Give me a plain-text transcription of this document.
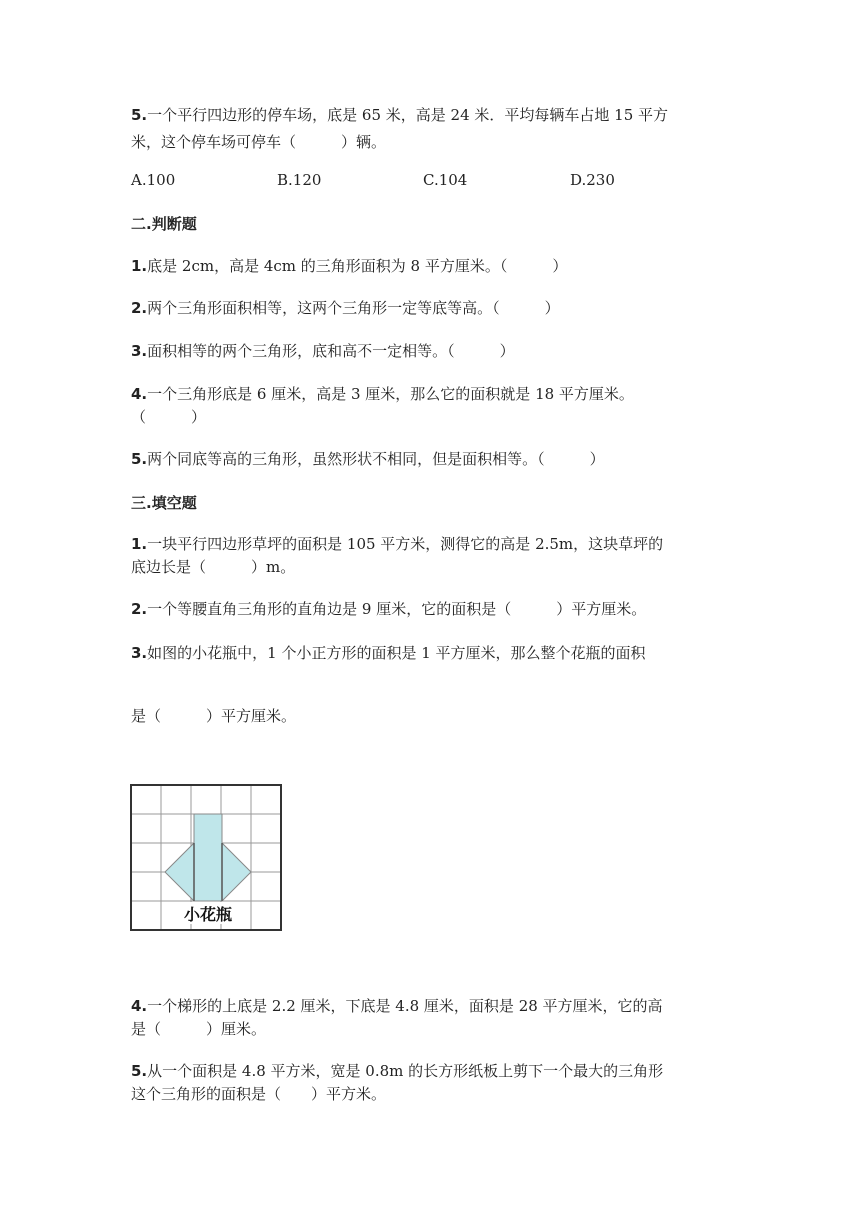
5.一个平行四边形的停车场，底是 65 米，高是 24 米．平均每辆车占地 15 平方
米，这个停车场可停车（　　　）辆。
A.100	B.120	C.104	D.230
二.判断题
1.底是 2cm，高是 4cm 的三角形面积为 8 平方厘米。（　　　）
2.两个三角形面积相等，这两个三角形一定等底等高。（　　　）
3.面积相等的两个三角形，底和高不一定相等。（　　　）
4.一个三角形底是 6 厘米，高是 3 厘米，那么它的面积就是 18 平方厘米。
（　　　）
5.两个同底等高的三角形，虽然形状不相同，但是面积相等。（　　　）
三.填空题
1.一块平行四边形草坪的面积是 105 平方米，测得它的高是 2.5m，这块草坪的
底边长是（　　　）m。
2.一个等腰直角三角形的直角边是 9 厘米，它的面积是（　　　）平方厘米。
3.如图的小花瓶中，1 个小正方形的面积是 1 平方厘米，那么整个花瓶的面积
是（　　　）平方厘米。
小花瓶
4.一个梯形的上底是 2.2 厘米，下底是 4.8 厘米，面积是 28 平方厘米，它的高
是（　　　）厘米。
5.从一个面积是 4.8 平方米，宽是 0.8m 的长方形纸板上剪下一个最大的三角形
这个三角形的面积是（　　）平方米。
